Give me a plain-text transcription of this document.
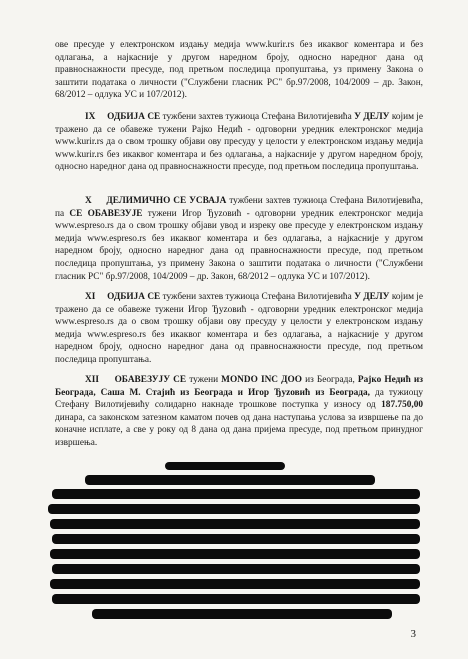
ове пресуде у електронском издању медија www.kurir.rs без икаквог коментара и без одлагања, а најкасније у другом наредном броју, односно наредног дана од правноснажности пресуде, под претњом последица пропуштања, уз примену Закона о заштити података о личности ("Службени гласник РС" бр.97/2008, 104/2009 – др. Закон, 68/2012 – одлука УС и 107/2012).

IX ОДБИЈА СЕ тужбени захтев тужиоца Стефана Вилотијевића У ДЕЛУ којим је тражено да се обавеже тужени Рајко Недић - одговорни уредник електронског медија www.kurir.rs да о свом трошку објави ову пресуду у целости у електронском издању медија www.kurir.rs без икаквог коментара и без одлагања, а најкасније у другом наредном броју, односно наредног дана од правноснажности пресуде, под претњом последица пропуштања.

X ДЕЛИМИЧНО СЕ УСВАЈА тужбени захтев тужиоца Стефана Вилотијевића, па СЕ ОБАВЕЗУЈЕ тужени Игор Ђуzовић - одговорни уредник електронског медија www.espreso.rs да о свом трошку објави увод и изреку ове пресуде у електронском издању медија www.espreso.rs без икаквог коментара и без одлагања, а најкасније у другом наредном броју, односно наредног дана од правноснажности пресуде, под претњом последица пропуштања, уз примену Закона о заштити података о личности ("Службени гласник РС" бр.97/2008, 104/2009 – др. Закон, 68/2012 – одлука УС и 107/2012).

XI ОДБИЈА СЕ тужбени захтев тужиоца Стефана Вилотијевића У ДЕЛУ којим је тражено да се обавеже тужени Игор Ђуzовић - одговорни уредник електронског медија www.espreso.rs да о свом трошку објави ову пресуду у целости у електронском издању медија www.espreso.rs без икаквог коментара и без одлагања, а најкасније у другом наредном броју, односно наредног дана од правноснажности пресуде, под претњом последица пропуштања.

XII ОБАВЕЗУЈУ СЕ тужени MONDO INC ДОО из Београда, Рајко Недић из Београда, Саша М. Стајић из Београда и Игор Ђуzовић из Београда, да тужиоцу Стефану Вилотијевићу солидарно накнаде трошкове поступка у износу од 187.750,00 динара, са законском затезном каматом почев од дана наступања услова за извршење па до коначне исплате, а све у року од 8 дана од дана пријема пресуде, под претњом принудног извршења.

3
